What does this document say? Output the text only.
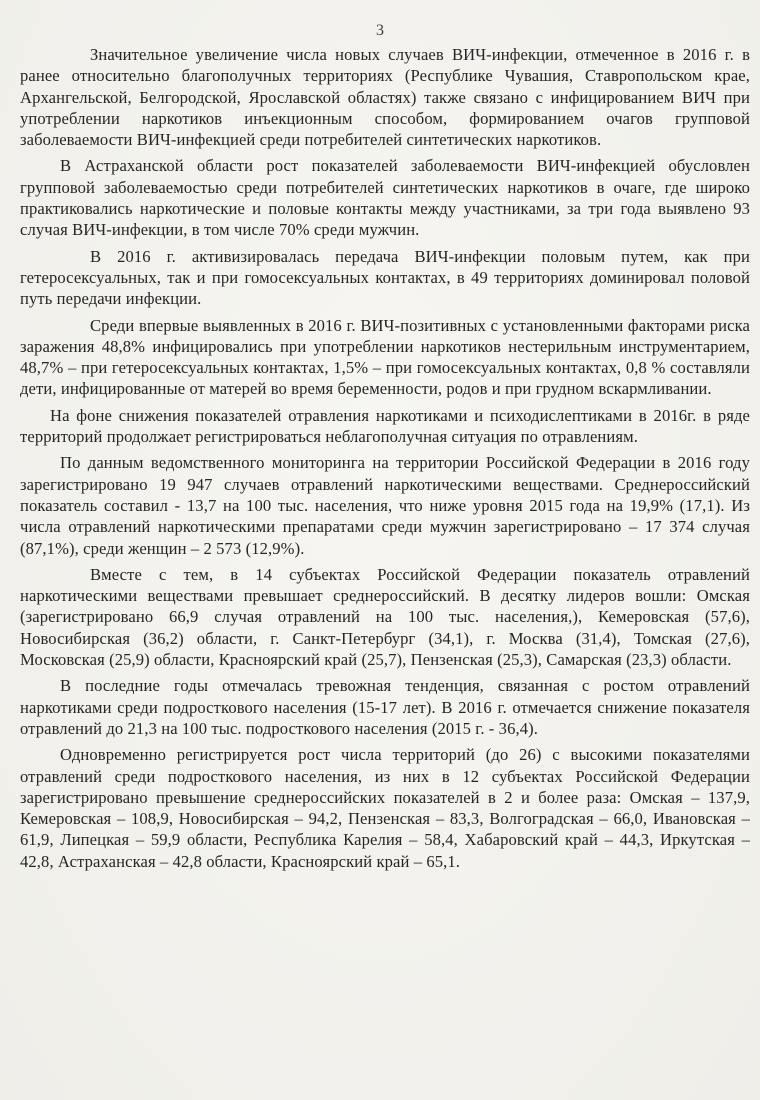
3

Значительное увеличение числа новых случаев ВИЧ-инфекции, отмеченное в 2016 г. в ранее относительно благополучных территориях (Республике Чувашия, Ставропольском крае, Архангельской, Белгородской, Ярославской областях) также связано с инфицированием ВИЧ при употреблении наркотиков инъекционным способом, формированием очагов групповой заболеваемости ВИЧ-инфекцией среди потребителей синтетических наркотиков.

В Астраханской области рост показателей заболеваемости ВИЧ-инфекцией обусловлен групповой заболеваемостью среди потребителей синтетических наркотиков в очаге, где широко практиковались наркотические и половые контакты между участниками, за три года выявлено 93 случая ВИЧ-инфекции, в том числе 70% среди мужчин.

В 2016 г. активизировалась передача ВИЧ-инфекции половым путем, как при гетеросексуальных, так и при гомосексуальных контактах, в 49 территориях доминировал половой путь передачи инфекции.

Среди впервые выявленных в 2016 г. ВИЧ-позитивных с установленными факторами риска заражения 48,8% инфицировались при употреблении наркотиков нестерильным инструментарием, 48,7% – при гетеросексуальных контактах, 1,5% – при гомосексуальных контактах, 0,8 % составляли дети, инфицированные от матерей во время беременности, родов и при грудном вскармливании.

На фоне снижения показателей отравления наркотиками и психодислептиками в 2016г. в ряде территорий продолжает регистрироваться неблагополучная ситуация по отравлениям.

По данным ведомственного мониторинга на территории Российской Федерации в 2016 году зарегистрировано 19 947 случаев отравлений наркотическими веществами. Среднероссийский показатель составил - 13,7 на 100 тыс. населения, что ниже уровня 2015 года на 19,9% (17,1). Из числа отравлений наркотическими препаратами среди мужчин зарегистрировано – 17 374 случая (87,1%), среди женщин – 2 573 (12,9%).

Вместе с тем, в 14 субъектах Российской Федерации показатель отравлений наркотическими веществами превышает среднероссийский. В десятку лидеров вошли: Омская (зарегистрировано 66,9 случая отравлений на 100 тыс. населения,), Кемеровская (57,6), Новосибирская (36,2) области, г. Санкт-Петербург (34,1), г. Москва (31,4), Томская (27,6), Московская (25,9) области, Красноярский край (25,7), Пензенская (25,3), Самарская (23,3) области.

В последние годы отмечалась тревожная тенденция, связанная с ростом отравлений наркотиками среди подросткового населения (15-17 лет). В 2016 г. отмечается снижение показателя отравлений до 21,3 на 100 тыс. подросткового населения (2015 г. - 36,4).

Одновременно регистрируется рост числа территорий (до 26) с высокими показателями отравлений среди подросткового населения, из них в 12 субъектах Российской Федерации зарегистрировано превышение среднероссийских показателей в 2 и более раза: Омская – 137,9, Кемеровская – 108,9, Новосибирская – 94,2, Пензенская – 83,3, Волгоградская – 66,0, Ивановская – 61,9, Липецкая – 59,9 области, Республика Карелия – 58,4, Хабаровский край – 44,3, Иркутская – 42,8, Астраханская – 42,8 области, Красноярский край – 65,1.
